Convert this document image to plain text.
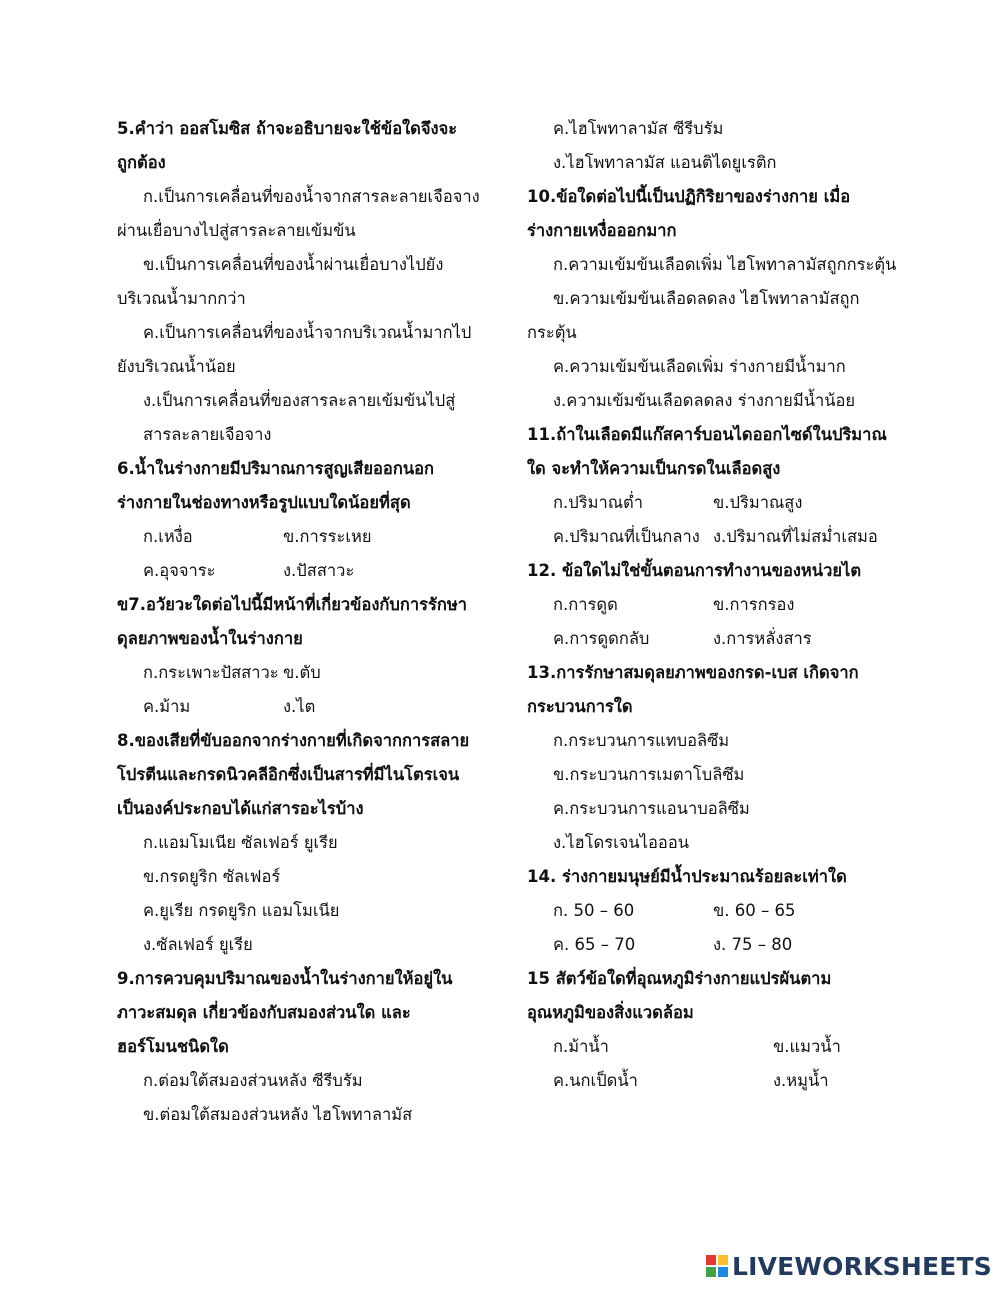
5.คำว่า ออสโมซิส ถ้าจะอธิบายจะใช้ข้อใดจึงจะ
ถูกต้อง
ก.เป็นการเคลื่อนที่ของน้ำจากสารละลายเจือจาง
ผ่านเยื่อบางไปสู่สารละลายเข้มข้น
ข.เป็นการเคลื่อนที่ของน้ำผ่านเยื่อบางไปยัง
บริเวณน้ำมากกว่า
ค.เป็นการเคลื่อนที่ของน้ำจากบริเวณน้ำมากไป
ยังบริเวณน้ำน้อย
ง.เป็นการเคลื่อนที่ของสารละลายเข้มข้นไปสู่
สารละลายเจือจาง
6.น้ำในร่างกายมีปริมาณการสูญเสียออกนอก
ร่างกายในช่องทางหรือรูปแบบใดน้อยที่สุด
ก.เหงื่อ	ข.การระเหย
ค.อุจจาระ	ง.ปัสสาวะ
ข7.อวัยวะใดต่อไปนี้มีหน้าที่เกี่ยวข้องกับการรักษา
ดุลยภาพของน้ำในร่างกาย
ก.กระเพาะปัสสาวะ ข.ตับ
ค.ม้าม	ง.ไต
8.ของเสียที่ขับออกจากร่างกายที่เกิดจากการสลาย
โปรตีนและกรดนิวคลีอิกซึ่งเป็นสารที่มีไนโตรเจน
เป็นองค์ประกอบได้แก่สารอะไรบ้าง
ก.แอมโมเนีย ซัลเฟอร์ ยูเรีย
ข.กรดยูริก ซัลเฟอร์
ค.ยูเรีย กรดยูริก แอมโมเนีย
ง.ซัลเฟอร์ ยูเรีย
9.การควบคุมปริมาณของน้ำในร่างกายให้อยู่ใน
ภาวะสมดุล เกี่ยวข้องกับสมองส่วนใด และ
ฮอร์โมนชนิดใด
ก.ต่อมใต้สมองส่วนหลัง ซีรีบรัม
ข.ต่อมใต้สมองส่วนหลัง ไฮโพทาลามัส
ค.ไฮโพทาลามัส ซีรีบรัม
ง.ไฮโพทาลามัส แอนติไดยูเรติก
10.ข้อใดต่อไปนี้เป็นปฏิกิริยาของร่างกาย เมื่อ
ร่างกายเหงื่อออกมาก
ก.ความเข้มข้นเลือดเพิ่ม ไฮโพทาลามัสถูกกระตุ้น
ข.ความเข้มข้นเลือดลดลง ไฮโพทาลามัสถูก
กระตุ้น
ค.ความเข้มข้นเลือดเพิ่ม ร่างกายมีน้ำมาก
ง.ความเข้มข้นเลือดลดลง ร่างกายมีน้ำน้อย
11.ถ้าในเลือดมีแก๊สคาร์บอนไดออกไซด์ในปริมาณ
ใด จะทำให้ความเป็นกรดในเลือดสูง
ก.ปริมาณต่ำ	ข.ปริมาณสูง
ค.ปริมาณที่เป็นกลาง ง.ปริมาณที่ไม่สม่ำเสมอ
12. ข้อใดไม่ใช่ขั้นตอนการทำงานของหน่วยไต
ก.การดูด	ข.การกรอง
ค.การดูดกลับ	ง.การหลั่งสาร
13.การรักษาสมดุลยภาพของกรด-เบส เกิดจาก
กระบวนการใด
ก.กระบวนการแทบอลิซึม
ข.กระบวนการเมตาโบลิซึม
ค.กระบวนการแอนาบอลิซึม
ง.ไฮโดรเจนไอออน
14. ร่างกายมนุษย์มีน้ำประมาณร้อยละเท่าใด
ก. 50 – 60	ข. 60 – 65
ค. 65 – 70	ง. 75 – 80
15 สัตว์ข้อใดที่อุณหภูมิร่างกายแปรผันตาม
อุณหภูมิของสิ่งแวดล้อม
ก.ม้าน้ำ	ข.แมวน้ำ
ค.นกเป็ดน้ำ	ง.หมูน้ำ
LIVEWORKSHEETS
